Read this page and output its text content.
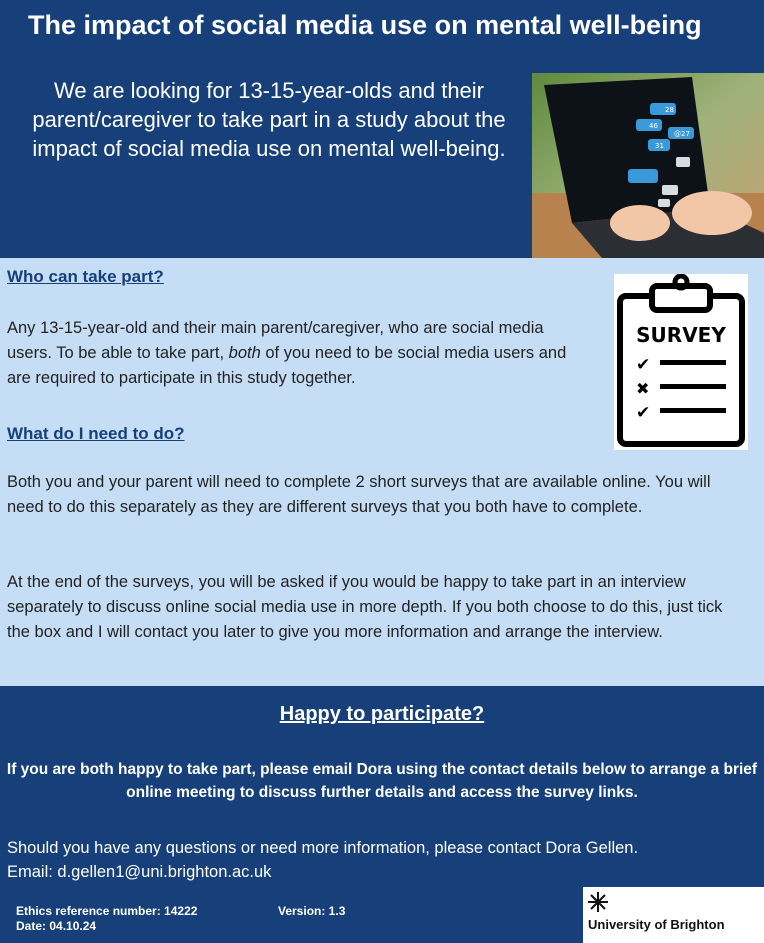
The impact of social media use on mental well-being
We are looking for 13-15-year-olds and their parent/caregiver to take part in a study about the impact of social media use on mental well-being.
28
46
@27
31
Who can take part?
Any 13-15-year-old and their main parent/caregiver, who are social media users. To be able to take part, both of you need to be social media users and are required to participate in this study together.
SURVEY
✔
✖
✔
What do I need to do?
Both you and your parent will need to complete 2 short surveys that are available online. You will need to do this separately as they are different surveys that you both have to complete.
At the end of the surveys, you will be asked if you would be happy to take part in an interview separately to discuss online social media use in more depth. If you both choose to do this, just tick the box and I will contact you later to give you more information and arrange the interview.
Happy to participate?
If you are both happy to take part, please email Dora using the contact details below to arrange a brief online meeting to discuss further details and access the survey links.
Should you have any questions or need more information, please contact Dora Gellen.
Email: d.gellen1@uni.brighton.ac.uk
Ethics reference number: 14222
Date: 04.10.24
Version: 1.3
University of Brighton
